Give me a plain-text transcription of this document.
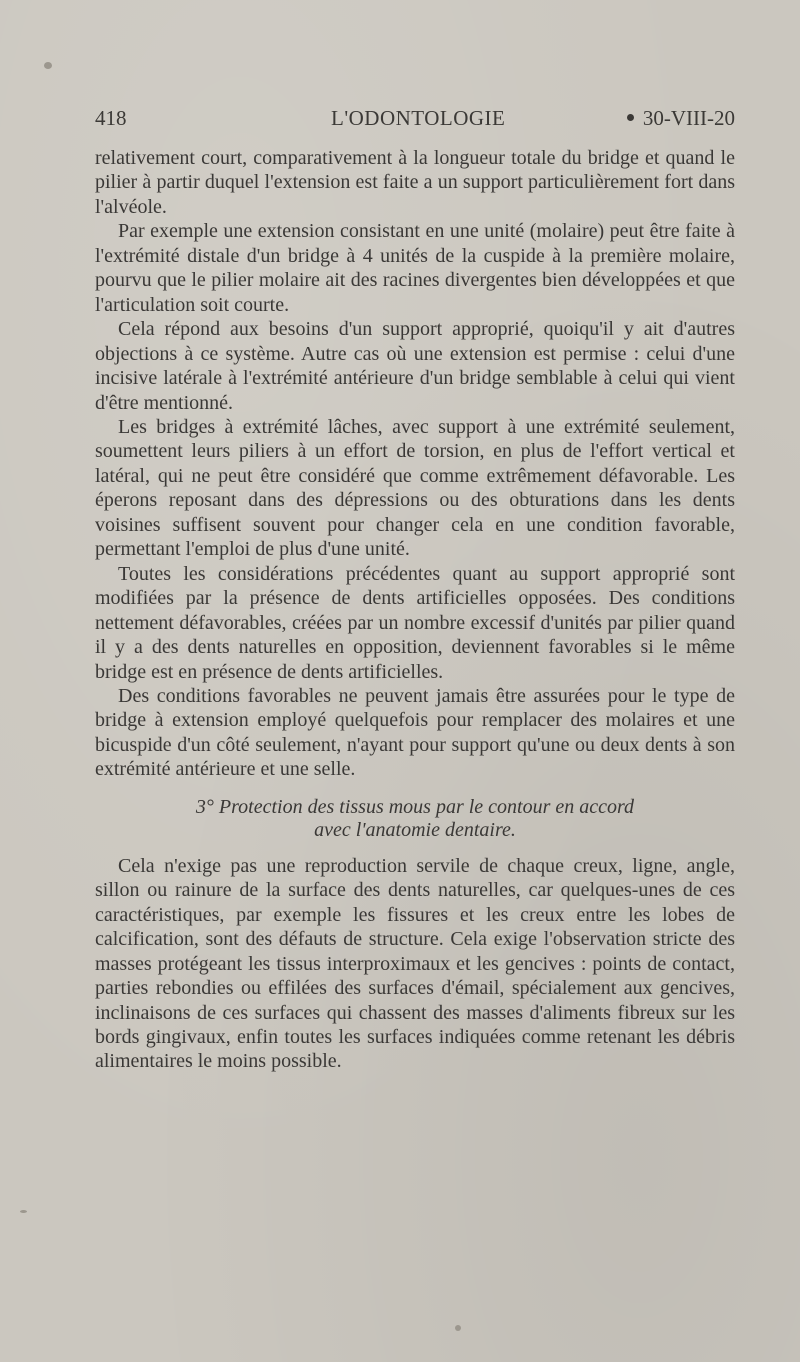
418	L'ODONTOLOGIE	30-VIII-20

relativement court, comparativement à la longueur totale du bridge et quand le pilier à partir duquel l'extension est faite a un support particulièrement fort dans l'alvéole.

Par exemple une extension consistant en une unité (molaire) peut être faite à l'extrémité distale d'un bridge à 4 unités de la cuspide à la première molaire, pourvu que le pilier molaire ait des racines divergentes bien développées et que l'articulation soit courte.

Cela répond aux besoins d'un support approprié, quoiqu'il y ait d'autres objections à ce système. Autre cas où une extension est permise : celui d'une incisive latérale à l'extrémité antérieure d'un bridge semblable à celui qui vient d'être mentionné.

Les bridges à extrémité lâches, avec support à une extrémité seulement, soumettent leurs piliers à un effort de torsion, en plus de l'effort vertical et latéral, qui ne peut être considéré que comme extrêmement défavorable. Les éperons reposant dans des dépressions ou des obturations dans les dents voisines suffisent souvent pour changer cela en une condition favorable, permettant l'emploi de plus d'une unité.

Toutes les considérations précédentes quant au support approprié sont modifiées par la présence de dents artificielles opposées. Des conditions nettement défavorables, créées par un nombre excessif d'unités par pilier quand il y a des dents naturelles en opposition, deviennent favorables si le même bridge est en présence de dents artificielles.

Des conditions favorables ne peuvent jamais être assurées pour le type de bridge à extension employé quelquefois pour remplacer des molaires et une bicuspide d'un côté seulement, n'ayant pour support qu'une ou deux dents à son extrémité antérieure et une selle.

3° Protection des tissus mous par le contour en accord
avec l'anatomie dentaire.

Cela n'exige pas une reproduction servile de chaque creux, ligne, angle, sillon ou rainure de la surface des dents naturelles, car quelques-unes de ces caractéristiques, par exemple les fissures et les creux entre les lobes de calcification, sont des défauts de structure. Cela exige l'observation stricte des masses protégeant les tissus interproximaux et les gencives : points de contact, parties rebondies ou effilées des surfaces d'émail, spécialement aux gencives, inclinaisons de ces surfaces qui chassent des masses d'aliments fibreux sur les bords gingivaux, enfin toutes les surfaces indiquées comme retenant les débris alimentaires le moins possible.
